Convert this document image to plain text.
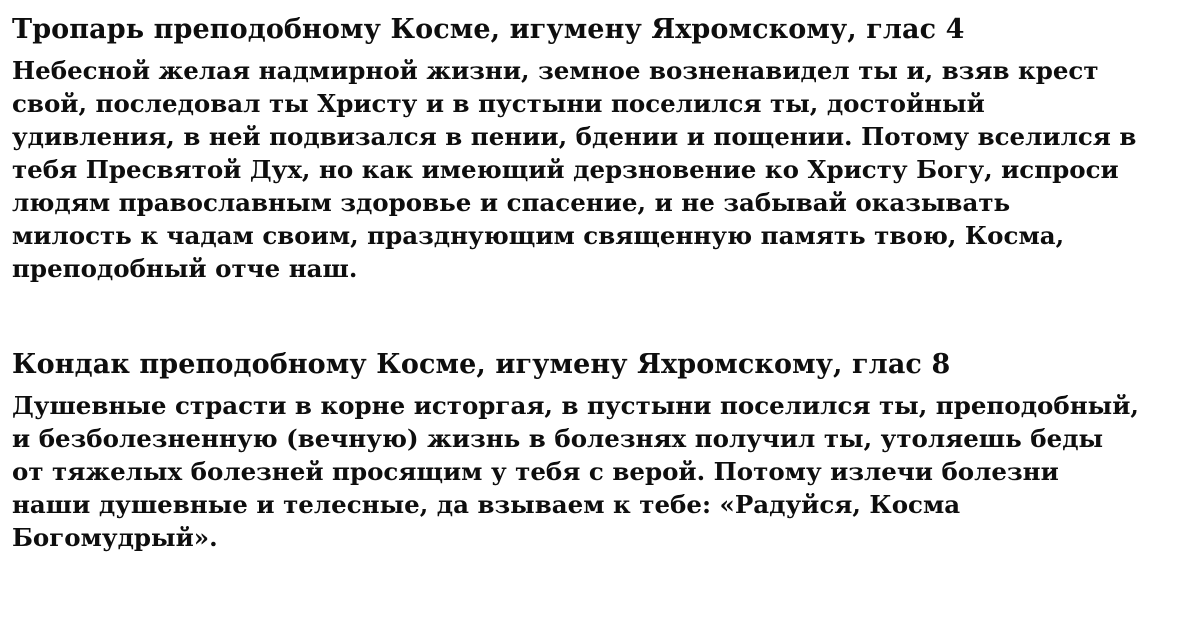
Тропарь преподобному Косме, игумену Яхромскому, глас 4
Небесной желая надмирной жизни, земное возненавидел ты и, взяв крест
свой, последовал ты Христу и в пустыни поселился ты, достойный
удивления, в ней подвизался в пении, бдении и пощении. Потому вселился в
тебя Пресвятой Дух, но как имеющий дерзновение ко Христу Богу, испроси
людям православным здоровье и спасение, и не забывай оказывать
милость к чадам своим, празднующим священную память твою, Косма,
преподобный отче наш.
Кондак преподобному Косме, игумену Яхромскому, глас 8
Душевные страсти в корне исторгая, в пустыни поселился ты, преподобный,
и безболезненную (вечную) жизнь в болезнях получил ты, утоляешь беды
от тяжелых болезней просящим у тебя с верой. Потому излечи болезни
наши душевные и телесные, да взываем к тебе: «Радуйся, Косма
Богомудрый».
